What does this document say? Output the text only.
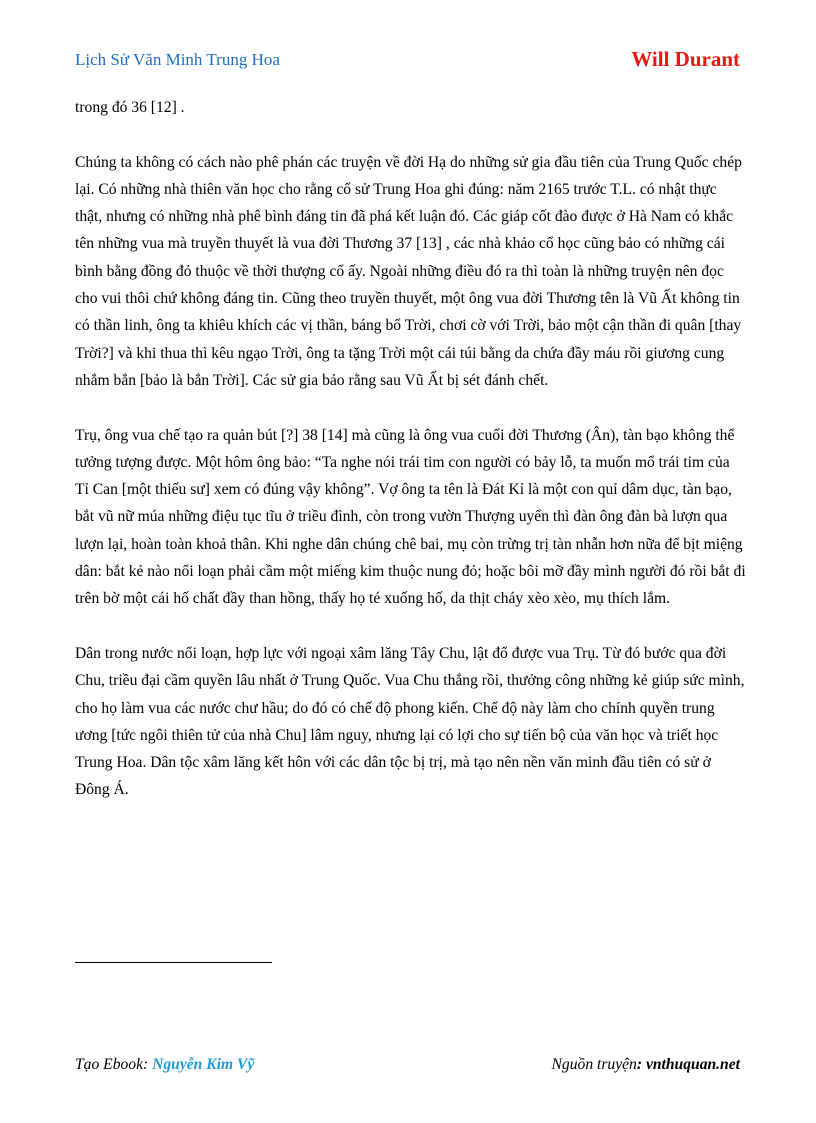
Lịch Sử Văn Minh Trung Hoa	Will Durant

trong đó 36 [12] .

Chúng ta không có cách nào phê phán các truyện về đời Hạ do những sử gia đầu tiên của Trung Quốc chép lại. Có những nhà thiên văn học cho rằng cổ sử Trung Hoa ghi đúng: năm 2165 trước T.L. có nhật thực thật, nhưng có những nhà phê bình đáng tin đã phá kết luận đó. Các giáp cốt đào được ở Hà Nam có khắc tên những vua mà truyền thuyết là vua đời Thương 37 [13] , các nhà khảo cổ học cũng bảo có những cái bình bằng đồng đỏ thuộc về thời thượng cổ ấy. Ngoài những điều đó ra thì toàn là những truyện nên đọc cho vui thôi chứ không đáng tin. Cũng theo truyền thuyết, một ông vua đời Thương tên là Vũ Ất không tin có thần linh, ông ta khiêu khích các vị thần, báng bổ Trời, chơi cờ với Trời, bảo một cận thần đi quân [thay Trời?] và khi thua thì kêu ngạo Trời, ông ta tặng Trời một cái túi bằng da chứa đầy máu rồi giương cung nhắm bắn [bảo là bắn Trời]. Các sử gia bảo rằng sau Vũ Ất bị sét đánh chết.

Trụ, ông vua chế tạo ra quản bút [?] 38 [14] mà cũng là ông vua cuối đời Thương (Ân), tàn bạo không thể tưởng tượng được. Một hôm ông bảo: “Ta nghe nói trái tim con người có bảy lỗ, ta muốn mổ trái tim của Tỉ Can [một thiếu sư] xem có đúng vậy không”. Vợ ông ta tên là Đát Kỉ là một con quỉ dâm dục, tàn bạo, bắt vũ nữ múa những điệu tục tĩu ở triều đình, còn trong vườn Thượng uyển thì đàn ông đàn bà lượn qua lượn lại, hoàn toàn khoả thân. Khi nghe dân chúng chê bai, mụ còn trừng trị tàn nhẫn hơn nữa để bịt miệng dân: bắt kẻ nào nổi loạn phải cầm một miếng kim thuộc nung đỏ; hoặc bôi mỡ đầy mình người đó rồi bắt đi trên bờ một cái hố chất đầy than hồng, thấy họ té xuống hố, da thịt cháy xèo xèo, mụ thích lắm.

Dân trong nước nổi loạn, hợp lực với ngoại xâm lăng Tây Chu, lật đổ được vua Trụ. Từ đó bước qua đời Chu, triều đại cầm quyền lâu nhất ở Trung Quốc. Vua Chu thắng rồi, thưởng công những kẻ giúp sức mình, cho họ làm vua các nước chư hầu; do đó có chế độ phong kiến. Chế độ này làm cho chính quyền trung ương [tức ngôi thiên tử của nhà Chu] lâm nguy, nhưng lại có lợi cho sự tiến bộ của văn học và triết học Trung Hoa. Dân tộc xâm lăng kết hôn với các dân tộc bị trị, mà tạo nên nền văn minh đầu tiên có sử ở Đông Á.

Tạo Ebook: Nguyễn Kim Vỹ	Nguồn truyện: vnthuquan.net
